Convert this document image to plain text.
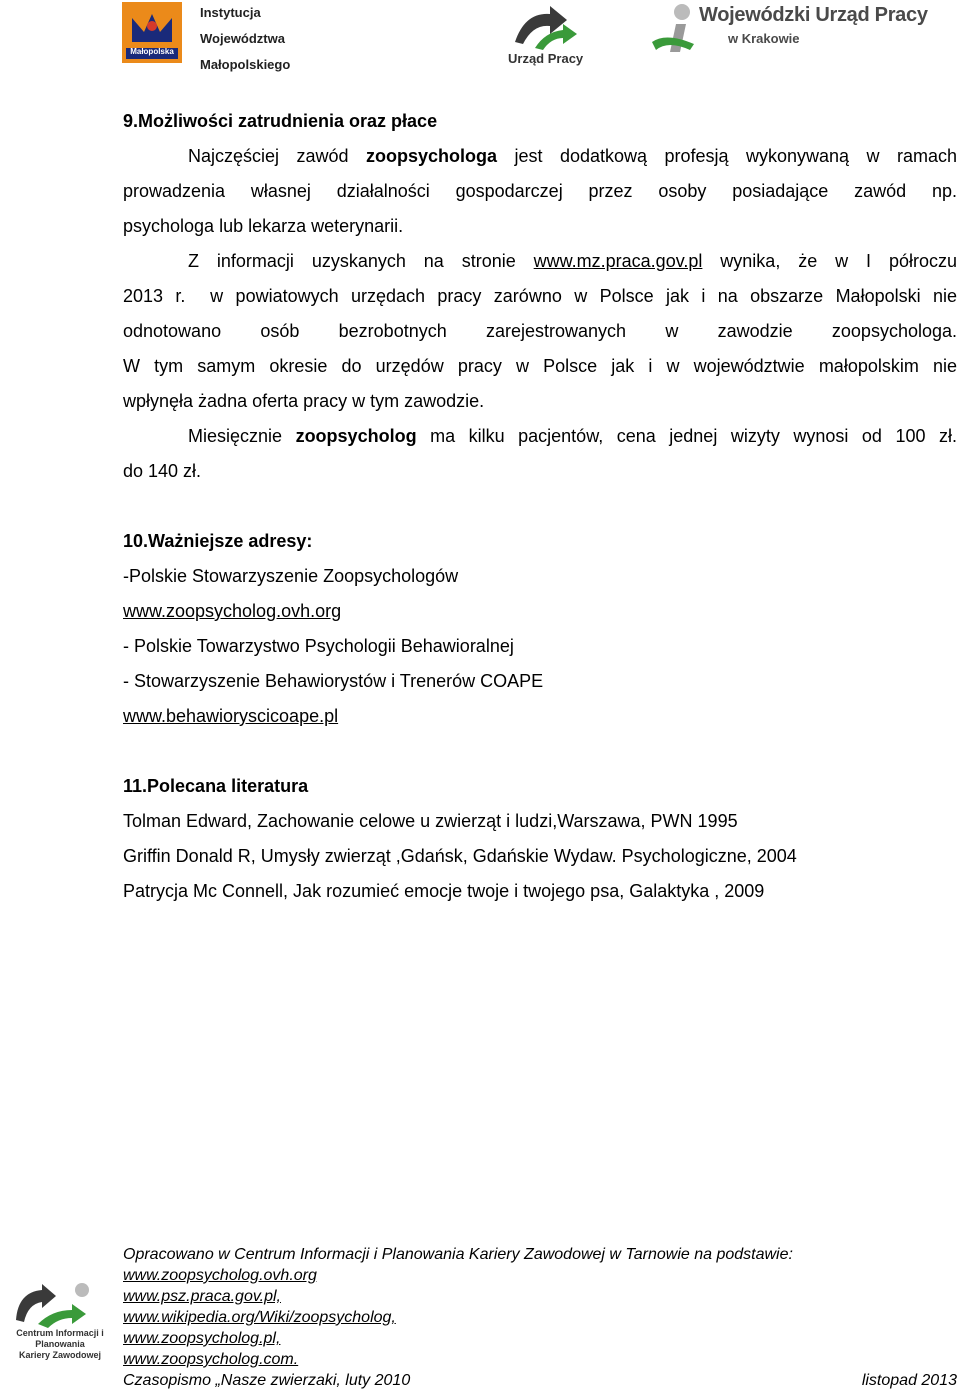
Instytucja
Województwa
Małopolskiego
Małopolska	Urząd Pracy
Wojewódzki Urząd Pracy
w Krakowie

9.Możliwości zatrudnienia oraz płace

Najczęściej zawód zoopsychologa jest dodatkową profesją wykonywaną w ramach

prowadzenia własnej działalności gospodarczej przez osoby posiadające zawód np.

psychologa lub lekarza weterynarii.

Z informacji uzyskanych na stronie www.mz.praca.gov.pl wynika, że w I półroczu

2013 r.  w powiatowych urzędach pracy zarówno w Polsce jak i na obszarze Małopolski nie

odnotowano osób bezrobotnych zarejestrowanych w zawodzie zoopsychologa.

W tym samym okresie do urzędów pracy w Polsce jak i w województwie małopolskim nie

wpłynęła żadna oferta pracy w tym zawodzie.

Miesięcznie zoopsycholog ma kilku pacjentów, cena jednej wizyty wynosi od 100 zł.

do 140 zł.

10.Ważniejsze adresy:

-Polskie Stowarzyszenie Zoopsychologów

www.zoopsycholog.ovh.org

- Polskie Towarzystwo Psychologii Behawioralnej

- Stowarzyszenie Behawiorystów i Trenerów COAPE

www.behawioryscicoape.pl

11.Polecana literatura

Tolman Edward, Zachowanie celowe u zwierząt i ludzi,Warszawa, PWN 1995

Griffin Donald R, Umysły zwierząt ,Gdańsk, Gdańskie Wydaw. Psychologiczne, 2004

Patrycja Mc Connell, Jak rozumieć emocje twoje i twojego psa, Galaktyka , 2009

Centrum Informacji i Planowania
Kariery Zawodowej
Opracowano w Centrum Informacji i Planowania Kariery Zawodowej w Tarnowie na podstawie:
www.zoopsycholog.ovh.org
www.psz.praca.gov.pl,
www.wikipedia.org/Wiki/zoopsycholog,
www.zoopsycholog.pl,
www.zoopsycholog.com.
Czasopismo „Nasze zwierzaki, luty 2010	listopad 2013
